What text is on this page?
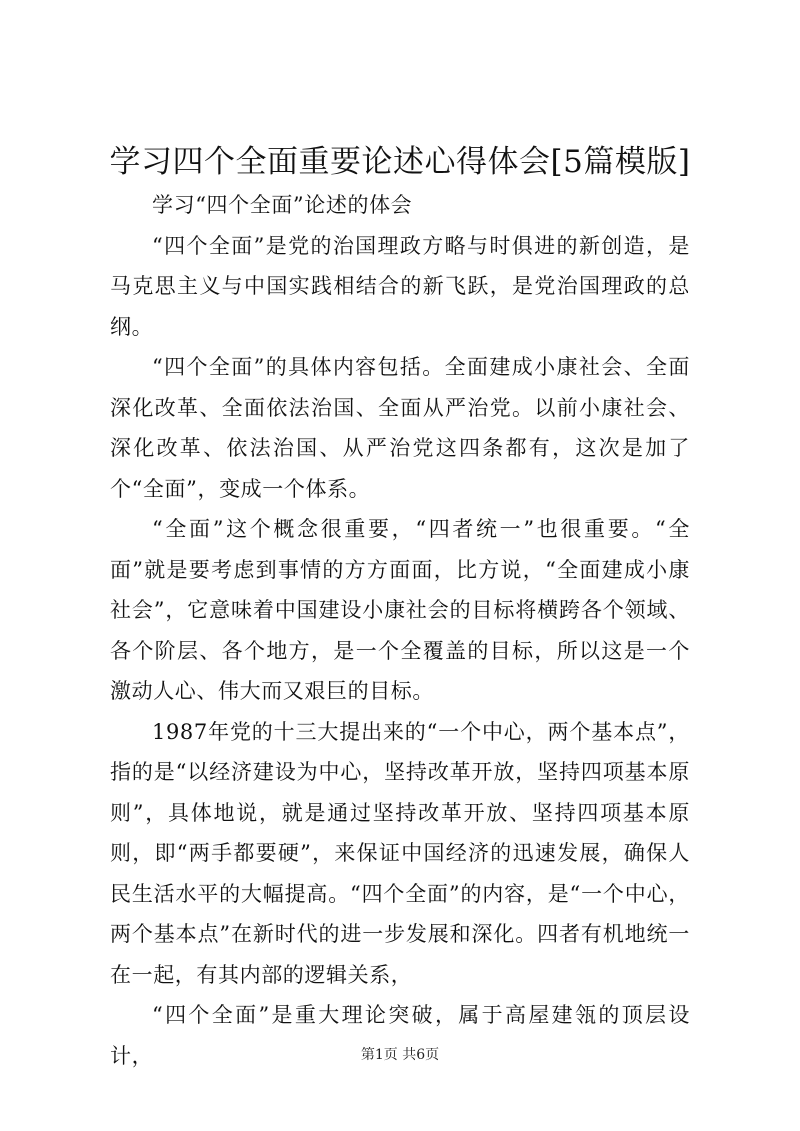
学习四个全面重要论述心得体会[5篇模版]

学习“四个全面”论述的体会

“四个全面”是党的治国理政方略与时俱进的新创造，是马克思主义与中国实践相结合的新飞跃，是党治国理政的总纲。

“四个全面”的具体内容包括。全面建成小康社会、全面深化改革、全面依法治国、全面从严治党。以前小康社会、深化改革、依法治国、从严治党这四条都有，这次是加了个“全面”，变成一个体系。

“全面”这个概念很重要，“四者统一”也很重要。“全面”就是要考虑到事情的方方面面，比方说，“全面建成小康社会”，它意味着中国建设小康社会的目标将横跨各个领域、各个阶层、各个地方，是一个全覆盖的目标，所以这是一个激动人心、伟大而又艰巨的目标。

1987年党的十三大提出来的“一个中心，两个基本点”，指的是“以经济建设为中心，坚持改革开放，坚持四项基本原则”，具体地说，就是通过坚持改革开放、坚持四项基本原则，即“两手都要硬”，来保证中国经济的迅速发展，确保人民生活水平的大幅提高。“四个全面”的内容，是“一个中心，两个基本点”在新时代的进一步发展和深化。四者有机地统一在一起，有其内部的逻辑关系，

“四个全面”是重大理论突破，属于高屋建瓴的顶层设计，	第1页 共6页
